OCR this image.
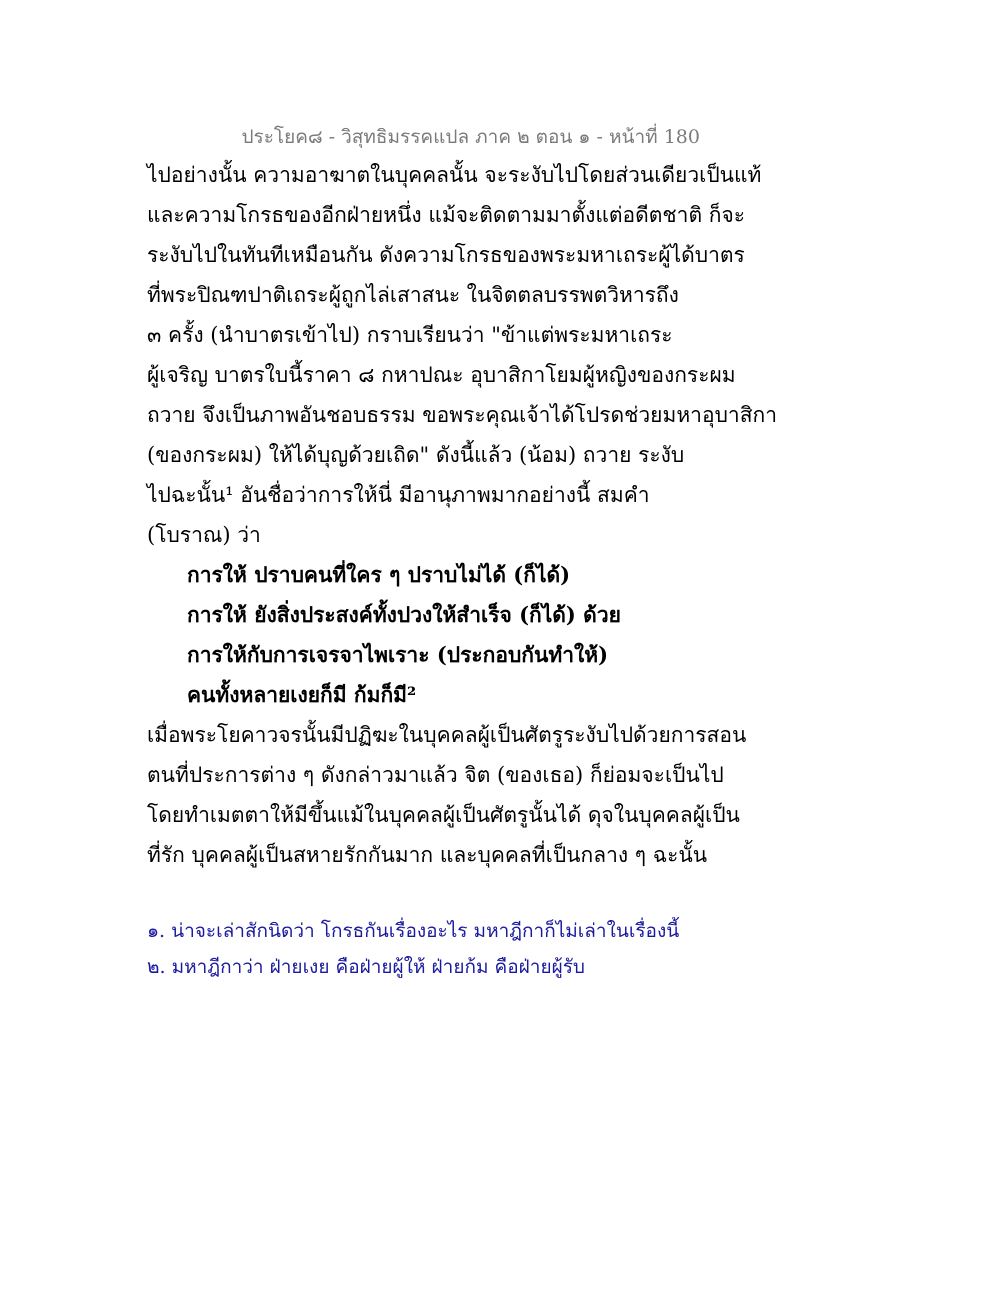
ประโยค๘ - วิสุทธิมรรคแปล ภาค ๒ ตอน ๑ - หน้าที่ 180
ไปอย่างนั้น ความอาฆาตในบุคคลนั้น จะระงับไปโดยส่วนเดียวเป็นแท้
และความโกรธของอีกฝ่ายหนึ่ง แม้จะติดตามมาตั้งแต่อดีตชาติ ก็จะ
ระงับไปในทันทีเหมือนกัน ดังความโกรธของพระมหาเถระผู้ได้บาตร
ที่พระปิณฑปาติเถระผู้ถูกไล่เสาสนะ ในจิตตลบรรพตวิหารถึง
๓ ครั้ง (นำบาตรเข้าไป) กราบเรียนว่า "ข้าแต่พระมหาเถระ
ผู้เจริญ บาตรใบนี้ราคา ๘ กหาปณะ อุบาสิกาโยมผู้หญิงของกระผม
ถวาย จึงเป็นภาพอันชอบธรรม ขอพระคุณเจ้าได้โปรดช่วยมหาอุบาสิกา
(ของกระผม) ให้ได้บุญด้วยเถิด" ดังนี้แล้ว (น้อม) ถวาย ระงับ
ไปฉะนั้น¹ อันชื่อว่าการให้นี่ มีอานุภาพมากอย่างนี้ สมคำ
(โบราณ) ว่า
การให้ ปราบคนที่ใคร ๆ ปราบไม่ได้ (ก็ได้)
การให้ ยังสิ่งประสงค์ทั้งปวงให้สำเร็จ (ก็ได้) ด้วย
การให้กับการเจรจาไพเราะ (ประกอบกันทำให้)
คนทั้งหลายเงยก็มี ก้มก็มี²
เมื่อพระโยคาวจรนั้นมีปฏิฆะในบุคคลผู้เป็นศัตรูระงับไปด้วยการสอน
ตนที่ประการต่าง ๆ ดังกล่าวมาแล้ว จิต (ของเธอ) ก็ย่อมจะเป็นไป
โดยทำเมตตาให้มีขึ้นแม้ในบุคคลผู้เป็นศัตรูนั้นได้ ดุจในบุคคลผู้เป็น
ที่รัก บุคคลผู้เป็นสหายรักกันมาก และบุคคลที่เป็นกลาง ๆ ฉะนั้น
๑. น่าจะเล่าสักนิดว่า โกรธกันเรื่องอะไร มหาฎีกาก็ไม่เล่าในเรื่องนี้
๒. มหาฎีกาว่า ฝ่ายเงย คือฝ่ายผู้ให้ ฝ่ายก้ม คือฝ่ายผู้รับ
